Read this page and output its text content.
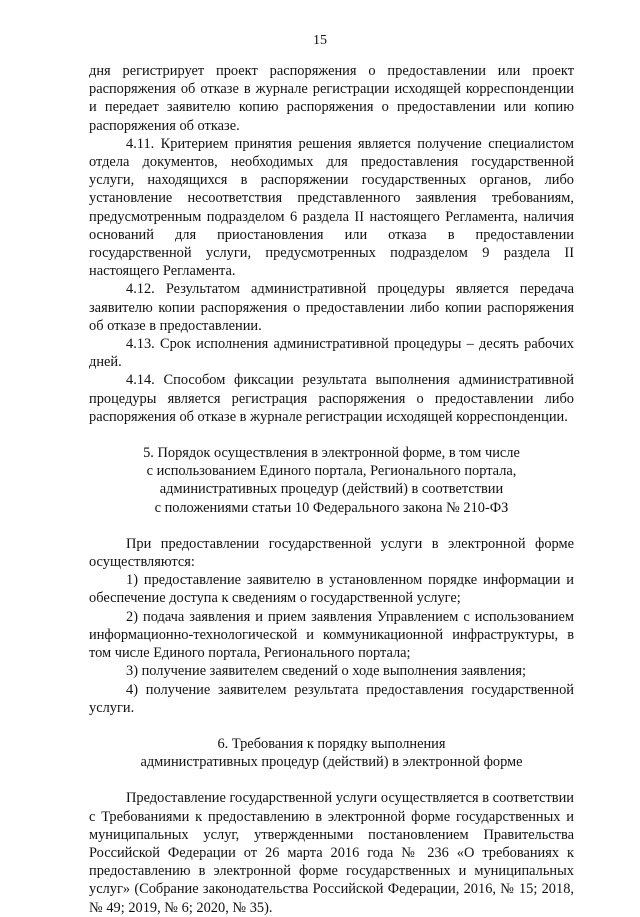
15

дня регистрирует проект распоряжения о предоставлении или проект распоряжения об отказе в журнале регистрации исходящей корреспонденции и передает заявителю копию распоряжения о предоставлении или копию распоряжения об отказе.

4.11. Критерием принятия решения является получение специалистом отдела документов, необходимых для предоставления государственной услуги, находящихся в распоряжении государственных органов, либо установление несоответствия представленного заявления требованиям, предусмотренным подразделом 6 раздела II настоящего Регламента, наличия оснований для приостановления или отказа в предоставлении государственной услуги, предусмотренных подразделом 9 раздела II настоящего Регламента.

4.12. Результатом административной процедуры является передача заявителю копии распоряжения о предоставлении либо копии распоряжения об отказе в предоставлении.

4.13. Срок исполнения административной процедуры – десять рабочих дней.

4.14. Способом фиксации результата выполнения административной процедуры является регистрация распоряжения о предоставлении либо распоряжения об отказе в журнале регистрации исходящей корреспонденции.

5. Порядок осуществления в электронной форме, в том числе
с использованием Единого портала, Регионального портала,
административных процедур (действий) в соответствии
с положениями статьи 10 Федерального закона № 210-ФЗ

При предоставлении государственной услуги в электронной форме осуществляются:

1) предоставление заявителю в установленном порядке информации и обеспечение доступа к сведениям о государственной услуге;

2) подача заявления и прием заявления Управлением с использованием информационно-технологической и коммуникационной инфраструктуры, в том числе Единого портала, Регионального портала;

3) получение заявителем сведений о ходе выполнения заявления;

4) получение заявителем результата предоставления государственной услуги.

6. Требования к порядку выполнения
административных процедур (действий) в электронной форме

Предоставление государственной услуги осуществляется в соответствии с Требованиями к предоставлению в электронной форме государственных и муниципальных услуг, утвержденными постановлением Правительства Российской Федерации от 26 марта 2016 года № 236 «О требованиях к предоставлению в электронной форме государственных и муниципальных услуг» (Собрание законодательства Российской Федерации, 2016, № 15; 2018, № 49; 2019, № 6; 2020, № 35).
